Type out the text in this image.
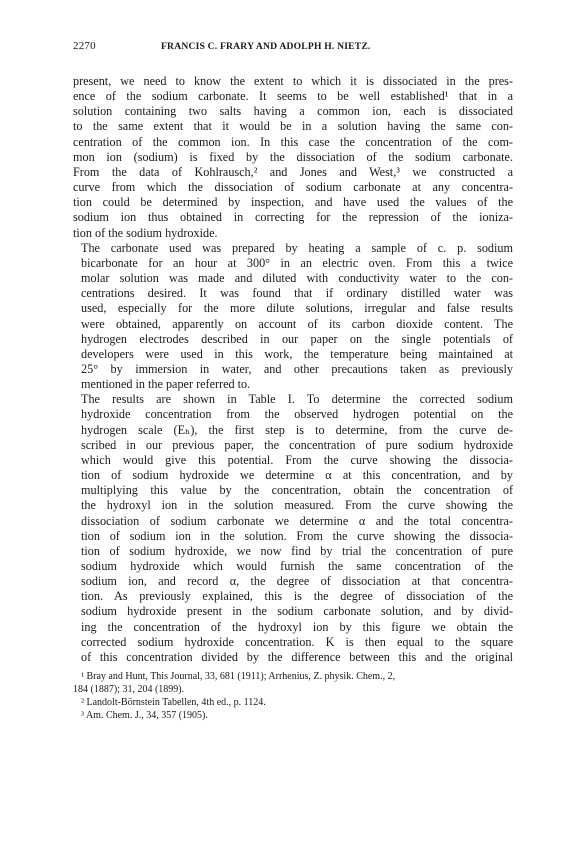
2270	FRANCIS C. FRARY AND ADOLPH H. NIETZ.
present, we need to know the extent to which it is dissociated in the pres-
ence of the sodium carbonate. It seems to be well established¹ that in a
solution containing two salts having a common ion, each is dissociated
to the same extent that it would be in a solution having the same con-
centration of the common ion. In this case the concentration of the com-
mon ion (sodium) is fixed by the dissociation of the sodium carbonate.
From the data of Kohlrausch,² and Jones and West,³ we constructed a
curve from which the dissociation of sodium carbonate at any concentra-
tion could be determined by inspection, and have used the values of the
sodium ion thus obtained in correcting for the repression of the ioniza-
tion of the sodium hydroxide.
The carbonate used was prepared by heating a sample of c. p. sodium
bicarbonate for an hour at 300° in an electric oven. From this a twice
molar solution was made and diluted with conductivity water to the con-
centrations desired. It was found that if ordinary distilled water was
used, especially for the more dilute solutions, irregular and false results
were obtained, apparently on account of its carbon dioxide content. The
hydrogen electrodes described in our paper on the single potentials of
developers were used in this work, the temperature being maintained at
25° by immersion in water, and other precautions taken as previously
mentioned in the paper referred to.
The results are shown in Table I. To determine the corrected sodium
hydroxide concentration from the observed hydrogen potential on the
hydrogen scale (Eₕ), the first step is to determine, from the curve de-
scribed in our previous paper, the concentration of pure sodium hydroxide
which would give this potential. From the curve showing the dissocia-
tion of sodium hydroxide we determine α at this concentration, and by
multiplying this value by the concentration, obtain the concentration of
the hydroxyl ion in the solution measured. From the curve showing the
dissociation of sodium carbonate we determine α and the total concentra-
tion of sodium ion in the solution. From the curve showing the dissocia-
tion of sodium hydroxide, we now find by trial the concentration of pure
sodium hydroxide which would furnish the same concentration of the
sodium ion, and record α, the degree of dissociation at that concentra-
tion. As previously explained, this is the degree of dissociation of the
sodium hydroxide present in the sodium carbonate solution, and by divid-
ing the concentration of the hydroxyl ion by this figure we obtain the
corrected sodium hydroxide concentration. K is then equal to the square
of this concentration divided by the difference between this and the original
¹ Bray and Hunt, This Journal, 33, 681 (1911); Arrhenius, Z. physik. Chem., 2,
184 (1887); 31, 204 (1899).
² Landolt-Börnstein Tabellen, 4th ed., p. 1124.
³ Am. Chem. J., 34, 357 (1905).
